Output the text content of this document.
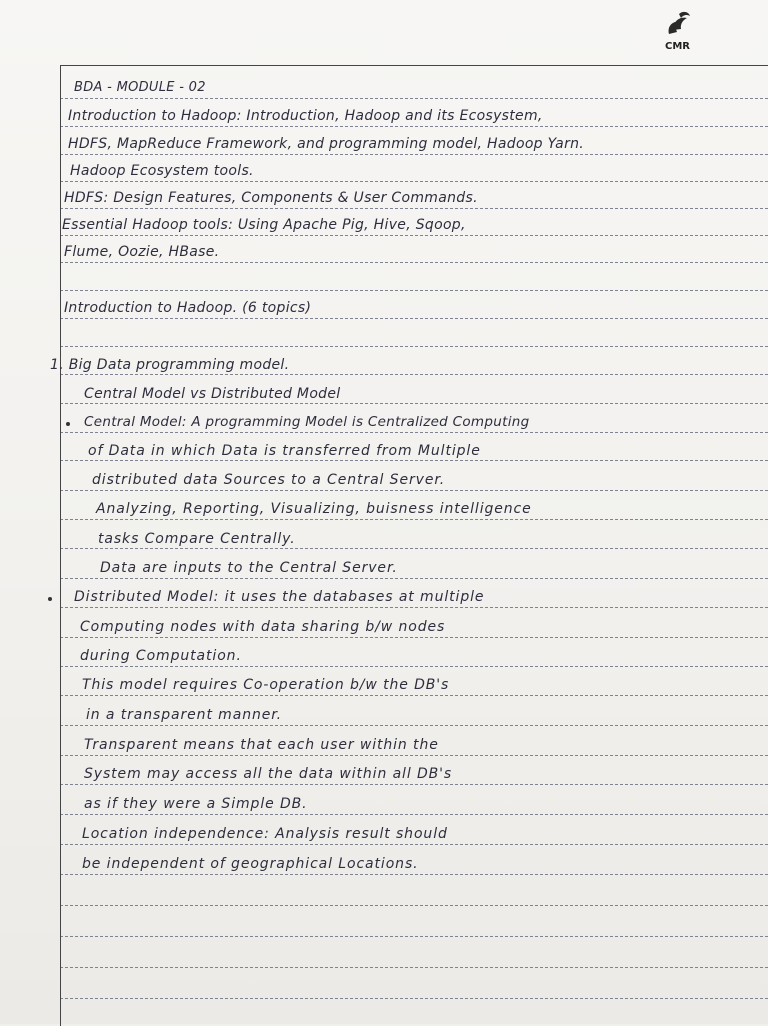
CMR
BDA - MODULE - 02
Introduction to Hadoop: Introduction, Hadoop and its Ecosystem,
HDFS, MapReduce Framework, and programming model, Hadoop Yarn.
Hadoop Ecosystem tools.
HDFS: Design Features, Components & User Commands.
Essential Hadoop tools: Using Apache Pig, Hive, Sqoop,
Flume, Oozie, HBase.
Introduction to Hadoop. (6 topics)
1. Big Data programming model.
Central Model vs Distributed Model
Central Model: A programming Model is Centralized Computing
of Data in which Data is transferred from Multiple
distributed data Sources to a Central Server.
Analyzing, Reporting, Visualizing, buisness intelligence
tasks Compare Centrally.
Data are inputs to the Central Server.
Distributed Model: it uses the databases at multiple
Computing nodes with data sharing b/w nodes
during Computation.
This model requires Co-operation b/w the DB's
in a transparent manner.
Transparent means that each user within the
System may access all the data within all DB's
as if they were a Simple DB.
Location independence: Analysis result should
be independent of geographical Locations.
